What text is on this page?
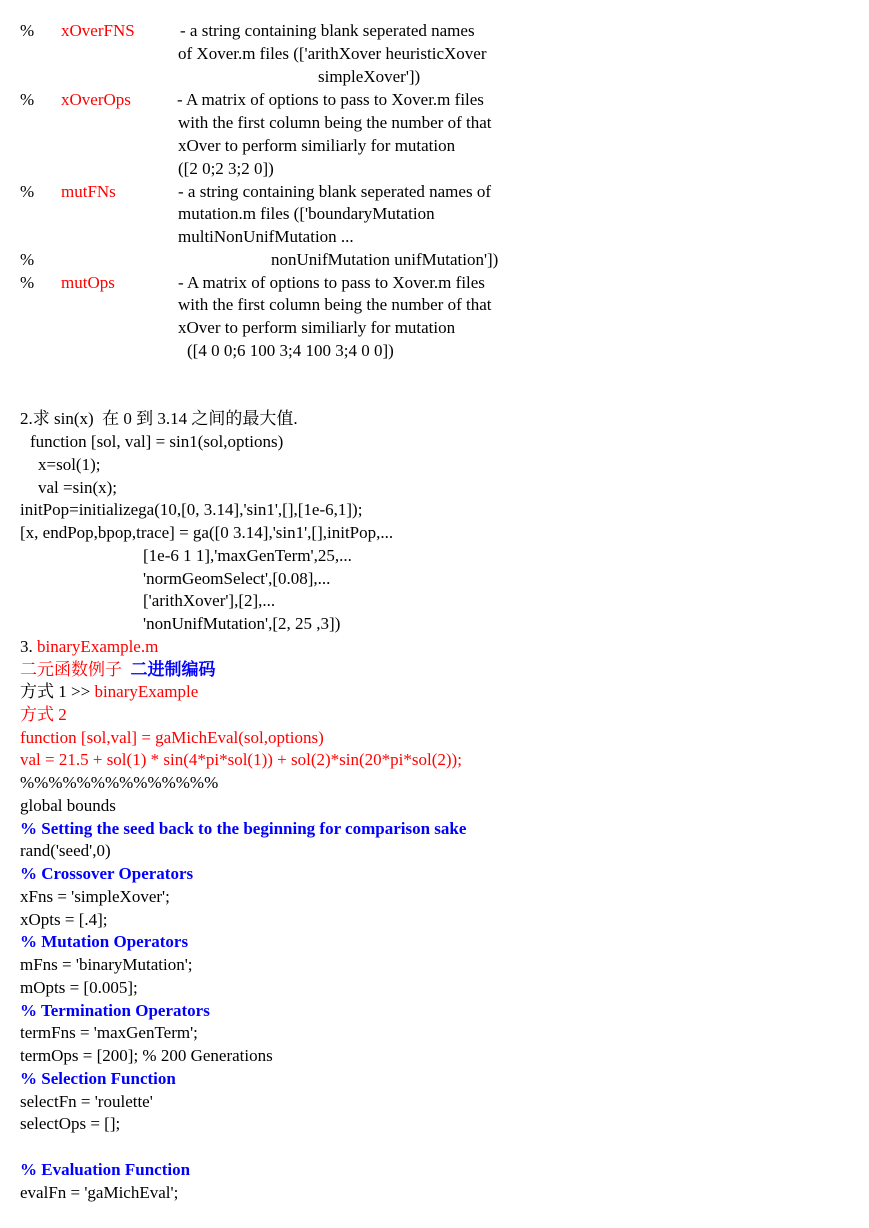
% xOverFNS	- a string containing blank seperated names
of Xover.m files (['arithXover heuristicXover
simpleXover'])
% xOverOps	- A matrix of options to pass to Xover.m files
with the first column being the number of that
xOver to perform similiarly for mutation
([2 0;2 3;2 0])
% mutFNs	- a string containing blank seperated names of
mutation.m files (['boundaryMutation
multiNonUnifMutation ...
%	nonUnifMutation unifMutation'])
% mutOps	- A matrix of options to pass to Xover.m files
with the first column being the number of that
xOver to perform similiarly for mutation
([4 0 0;6 100 3;4 100 3;4 0 0])
2.求 sin(x)  在 0 到 3.14 之间的最大值.
function [sol, val] = sin1(sol,options)
x=sol(1);
val =sin(x);
initPop=initializega(10,[0, 3.14],'sin1',[],[1e-6,1]);
[x, endPop,bpop,trace] = ga([0 3.14],'sin1',[],initPop,...
[1e-6 1 1],'maxGenTerm',25,...
'normGeomSelect',[0.08],...
['arithXover'],[2],...
'nonUnifMutation',[2, 25 ,3])
3. binaryExample.m
二元函数例子 二进制编码
方式 1 >> binaryExample
方式 2
function [sol,val] = gaMichEval(sol,options)
val = 21.5 + sol(1) * sin(4*pi*sol(1)) + sol(2)*sin(20*pi*sol(2));
%%%%%%%%%%%%%%
global bounds
% Setting the seed back to the beginning for comparison sake
rand('seed',0)
% Crossover Operators
xFns = 'simpleXover';
xOpts = [.4];
% Mutation Operators
mFns = 'binaryMutation';
mOpts = [0.005];
% Termination Operators
termFns = 'maxGenTerm';
termOps = [200]; % 200 Generations
% Selection Function
selectFn = 'roulette'
selectOps = [];
% Evaluation Function
evalFn = 'gaMichEval';
